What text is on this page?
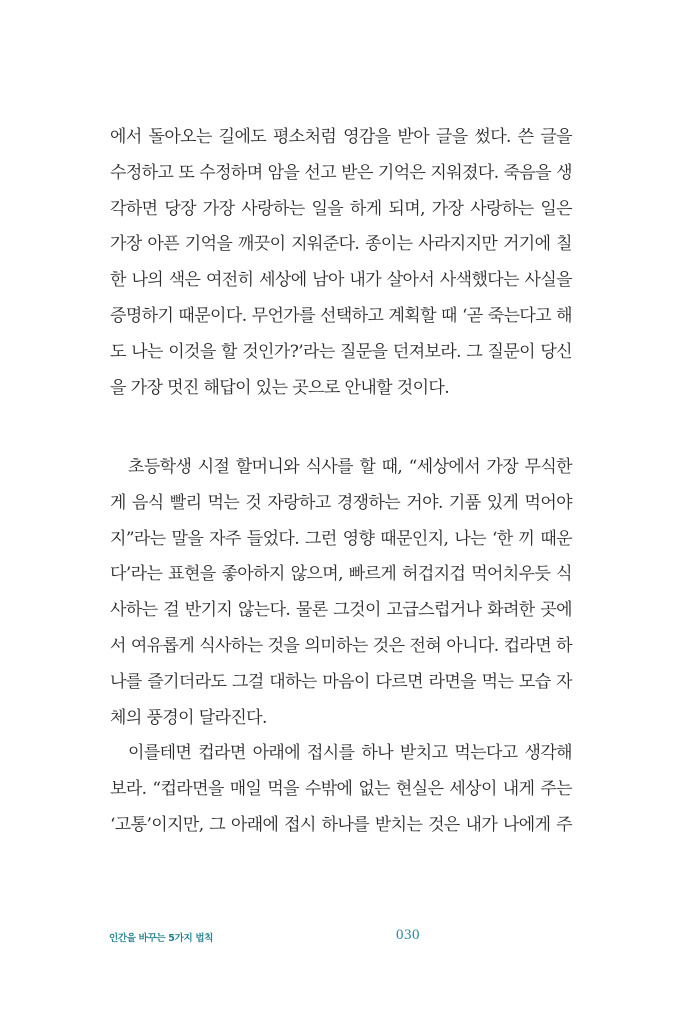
에서 돌아오는 길에도 평소처럼 영감을 받아 글을 썼다. 쓴 글을
수정하고 또 수정하며 암을 선고 받은 기억은 지워졌다. 죽음을 생
각하면 당장 가장 사랑하는 일을 하게 되며, 가장 사랑하는 일은
가장 아픈 기억을 깨끗이 지워준다. 종이는 사라지지만 거기에 칠
한 나의 색은 여전히 세상에 남아 내가 살아서 사색했다는 사실을
증명하기 때문이다. 무언가를 선택하고 계획할 때 ‘곧 죽는다고 해
도 나는 이것을 할 것인가?’라는 질문을 던져보라. 그 질문이 당신
을 가장 멋진 해답이 있는 곳으로 안내할 것이다.
초등학생 시절 할머니와 식사를 할 때, “세상에서 가장 무식한
게 음식 빨리 먹는 것 자랑하고 경쟁하는 거야. 기품 있게 먹어야
지”라는 말을 자주 들었다. 그런 영향 때문인지, 나는 ‘한 끼 때운
다’라는 표현을 좋아하지 않으며, 빠르게 허겁지겁 먹어치우듯 식
사하는 걸 반기지 않는다. 물론 그것이 고급스럽거나 화려한 곳에
서 여유롭게 식사하는 것을 의미하는 것은 전혀 아니다. 컵라면 하
나를 즐기더라도 그걸 대하는 마음이 다르면 라면을 먹는 모습 자
체의 풍경이 달라진다.
이를테면 컵라면 아래에 접시를 하나 받치고 먹는다고 생각해
보라. “컵라면을 매일 먹을 수밖에 없는 현실은 세상이 내게 주는
‘고통’이지만, 그 아래에 접시 하나를 받치는 것은 내가 나에게 주
인간을 바꾸는 5가지 법칙	030
